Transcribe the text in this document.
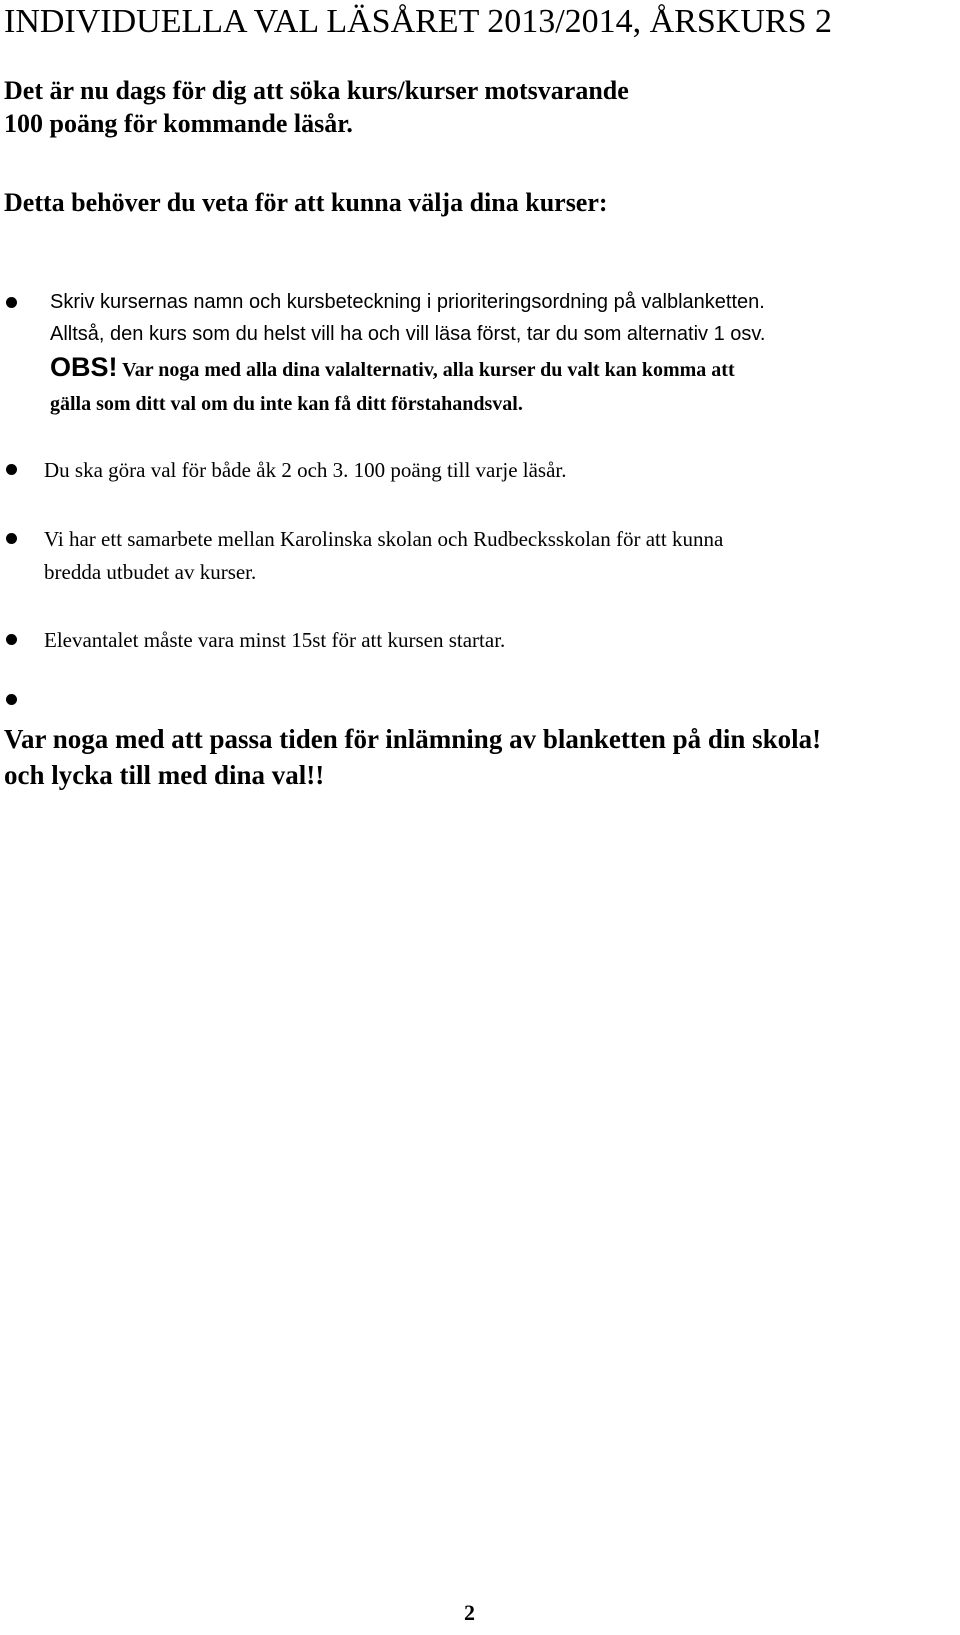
INDIVIDUELLA VAL LÄSÅRET 2013/2014, ÅRSKURS 2
Det är nu dags för dig att söka kurs/kurser motsvarande
100 poäng för kommande läsår.
Detta behöver du veta för att kunna välja dina kurser:
Skriv kursernas namn och kursbeteckning i prioriteringsordning på valblanketten.
Alltså, den kurs som du helst vill ha och vill läsa först, tar du som alternativ 1 osv.
OBS! Var noga med alla dina valalternativ, alla kurser du valt kan komma att
gälla som ditt val om du inte kan få ditt förstahandsval.
Du ska göra val för både åk 2 och 3. 100 poäng till varje läsår.
Vi har ett samarbete mellan Karolinska skolan och Rudbecksskolan för att kunna
bredda utbudet av kurser.
Elevantalet måste vara minst 15st för att kursen startar.
Var noga med att passa tiden för inlämning av blanketten på din skola!
och lycka till med dina val!!
2
